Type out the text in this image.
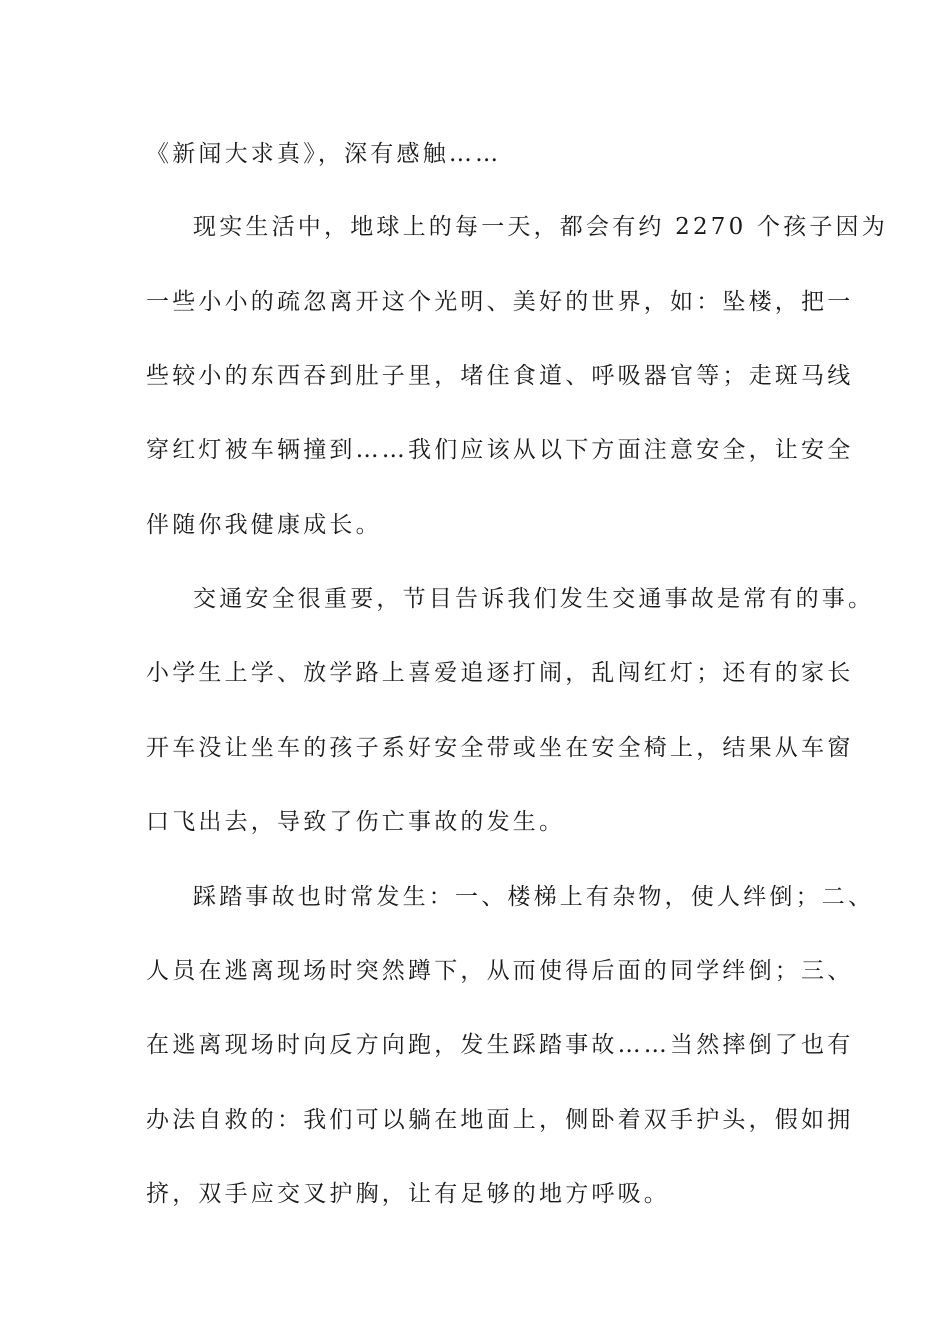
《新闻大求真》，深有感触……
现实生活中，地球上的每一天，都会有约 2270 个孩子因为
一些小小的疏忽离开这个光明、美好的世界，如：坠楼，把一
些较小的东西吞到肚子里，堵住食道、呼吸器官等；走斑马线
穿红灯被车辆撞到……我们应该从以下方面注意安全，让安全
伴随你我健康成长。
交通安全很重要，节目告诉我们发生交通事故是常有的事。
小学生上学、放学路上喜爱追逐打闹，乱闯红灯；还有的家长
开车没让坐车的孩子系好安全带或坐在安全椅上，结果从车窗
口飞出去，导致了伤亡事故的发生。
踩踏事故也时常发生：一、楼梯上有杂物，使人绊倒；二、
人员在逃离现场时突然蹲下，从而使得后面的同学绊倒；三、
在逃离现场时向反方向跑，发生踩踏事故……当然摔倒了也有
办法自救的：我们可以躺在地面上，侧卧着双手护头，假如拥
挤，双手应交叉护胸，让有足够的地方呼吸。
